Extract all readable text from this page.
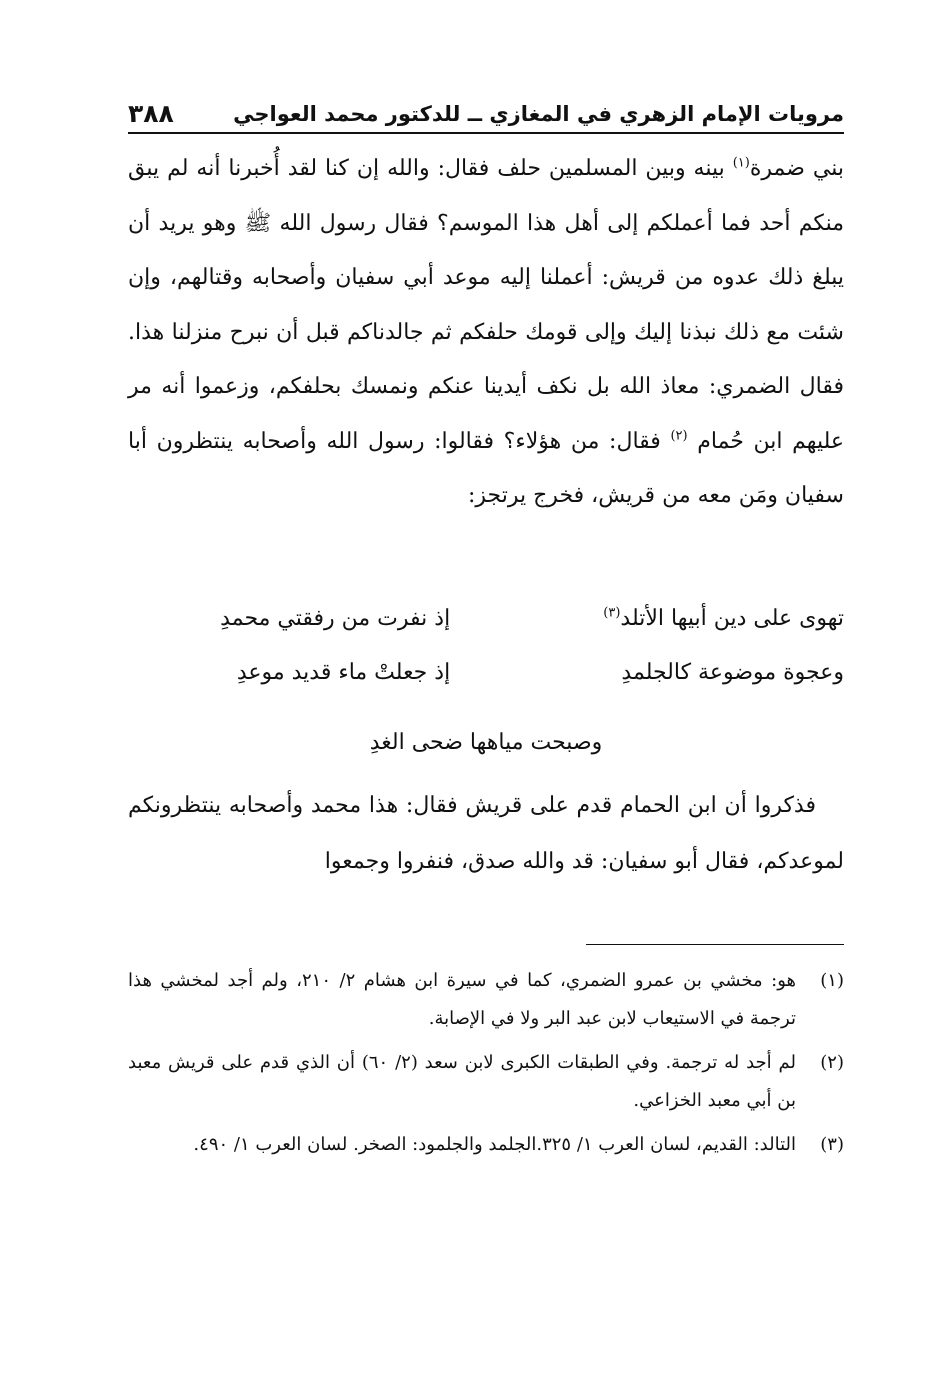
مرويات الإمام الزهري في المغازي ــ للدكتور محمد العواجي
٣٨٨

بني ضمرة$^{(١)}$ بينه وبين المسلمين حلف فقال: والله إن كنا لقد أُخبرنا أنه لم يبق منكم أحد فما أعملكم إلى أهل هذا الموسم؟ فقال رسول الله ﷺ وهو يريد أن يبلغ ذلك عدوه من قريش: أعملنا إليه موعد أبي سفيان وأصحابه وقتالهم، وإن شئت مع ذلك نبذنا إليك وإلى قومك حلفكم ثم جالدناكم قبل أن نبرح منزلنا هذا. فقال الضمري: معاذ الله بل نكف أيدينا عنكم ونمسك بحلفكم، وزعموا أنه مر عليهم ابن حُمام $^{(٢)}$ فقال: من هؤلاء؟ فقالوا: رسول الله وأصحابه ينتظرون أبا سفيان ومَن معه من قريش، فخرج يرتجز:

تهوى على دين أبيها الأتلد$^{(٣)}$
إذ نفرت من رفقتي محمدِ
وعجوة موضوعة كالجلمدِ
إذ جعلتْ ماء قديد موعدِ
وصبحت مياهها ضحى الغدِ

فذكروا أن ابن الحمام قدم على قريش فقال: هذا محمد وأصحابه ينتظرونكم لموعدكم، فقال أبو سفيان: قد والله صدق، فنفروا وجمعوا

(١)
هو: مخشي بن عمرو الضمري، كما في سيرة ابن هشام ٢/ ٢١٠، ولم أجد لمخشي هذا ترجمة في الاستيعاب لابن عبد البر ولا في الإصابة.
(٢)
لم أجد له ترجمة. وفي الطبقات الكبرى لابن سعد (٢/ ٦٠) أن الذي قدم على قريش معبد بن أبي معبد الخزاعي.
(٣)
التالد: القديم، لسان العرب ١/ ٣٢٥.الجلمد والجلمود: الصخر. لسان العرب ١/ ٤٩٠.
